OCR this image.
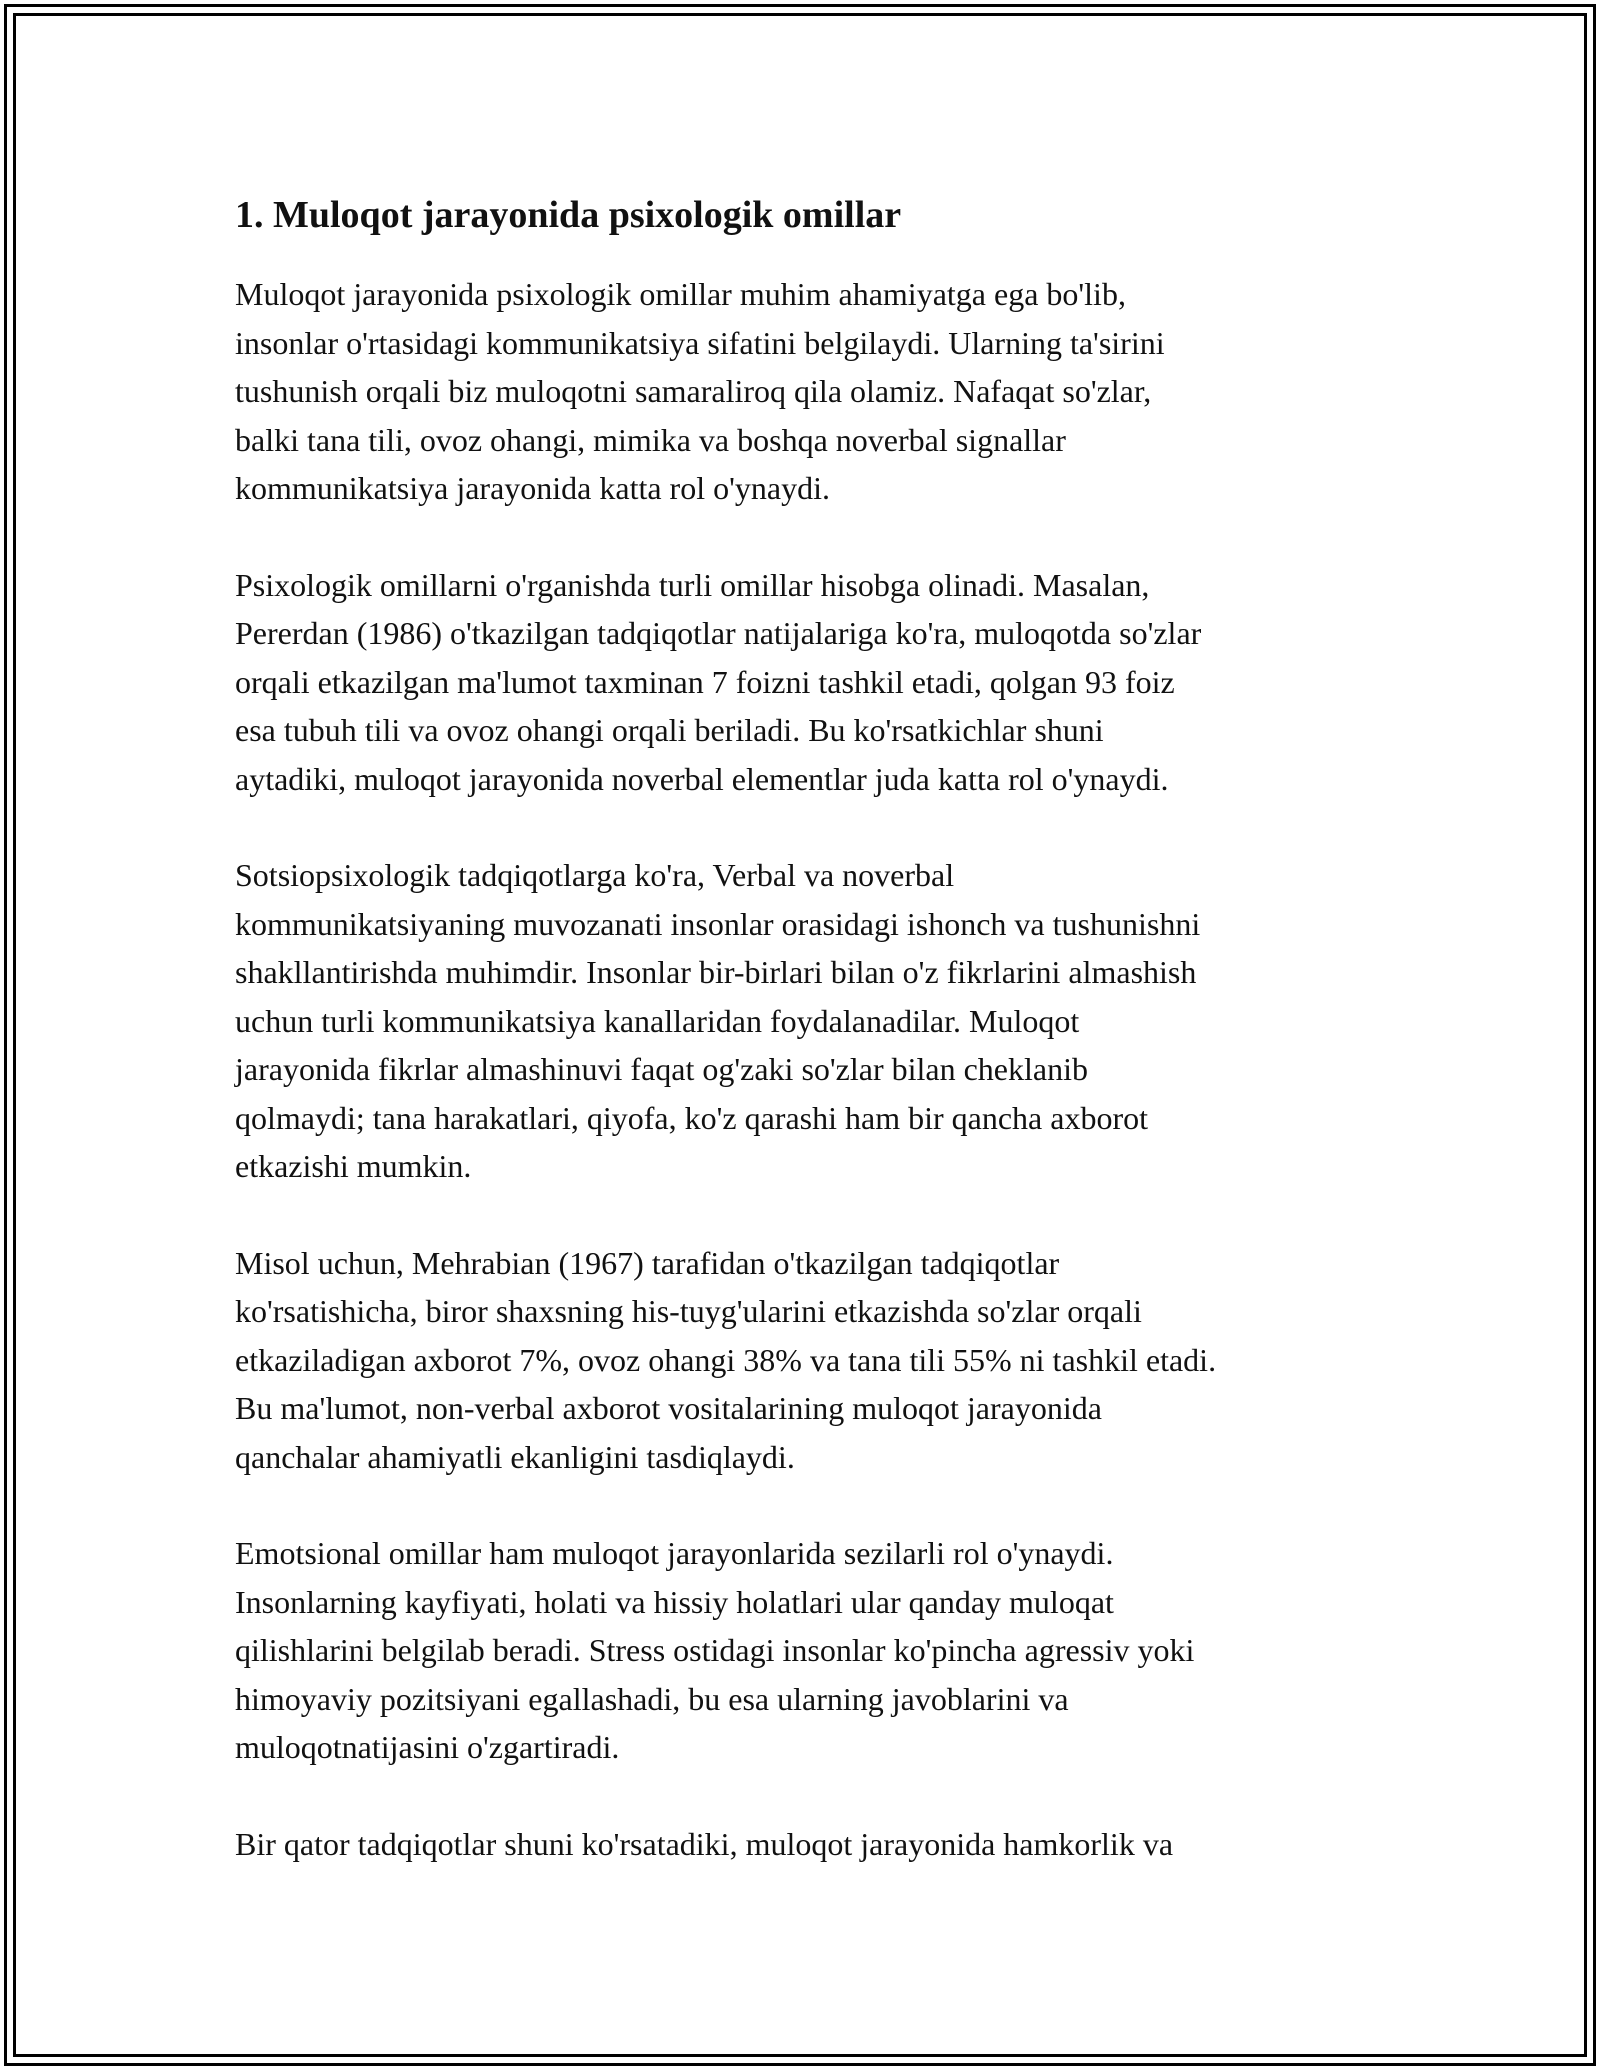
1. Muloqot jarayonida psixologik omillar

Muloqot jarayonida psixologik omillar muhim ahamiyatga ega bo'lib,
insonlar o'rtasidagi kommunikatsiya sifatini belgilaydi. Ularning ta'sirini
tushunish orqali biz muloqotni samaraliroq qila olamiz. Nafaqat so'zlar,
balki tana tili, ovoz ohangi, mimika va boshqa noverbal signallar
kommunikatsiya jarayonida katta rol o'ynaydi.

Psixologik omillarni o'rganishda turli omillar hisobga olinadi. Masalan,
Pererdan (1986) o'tkazilgan tadqiqotlar natijalariga ko'ra, muloqotda so'zlar
orqali etkazilgan ma'lumot taxminan 7 foizni tashkil etadi, qolgan 93 foiz
esa tubuh tili va ovoz ohangi orqali beriladi. Bu ko'rsatkichlar shuni
aytadiki, muloqot jarayonida noverbal elementlar juda katta rol o'ynaydi.

Sotsiopsixologik tadqiqotlarga ko'ra, Verbal va noverbal
kommunikatsiyaning muvozanati insonlar orasidagi ishonch va tushunishni
shakllantirishda muhimdir. Insonlar bir-birlari bilan o'z fikrlarini almashish
uchun turli kommunikatsiya kanallaridan foydalanadilar. Muloqot
jarayonida fikrlar almashinuvi faqat og'zaki so'zlar bilan cheklanib
qolmaydi; tana harakatlari, qiyofa, ko'z qarashi ham bir qancha axborot
etkazishi mumkin.

Misol uchun, Mehrabian (1967) tarafidan o'tkazilgan tadqiqotlar
ko'rsatishicha, biror shaxsning his-tuyg'ularini etkazishda so'zlar orqali
etkaziladigan axborot 7%, ovoz ohangi 38% va tana tili 55% ni tashkil etadi.
Bu ma'lumot, non-verbal axborot vositalarining muloqot jarayonida
qanchalar ahamiyatli ekanligini tasdiqlaydi.

Emotsional omillar ham muloqot jarayonlarida sezilarli rol o'ynaydi.
Insonlarning kayfiyati, holati va hissiy holatlari ular qanday muloqat
qilishlarini belgilab beradi. Stress ostidagi insonlar ko'pincha agressiv yoki
himoyaviy pozitsiyani egallashadi, bu esa ularning javoblarini va
muloqotnatijasini o'zgartiradi.

Bir qator tadqiqotlar shuni ko'rsatadiki, muloqot jarayonida hamkorlik va
